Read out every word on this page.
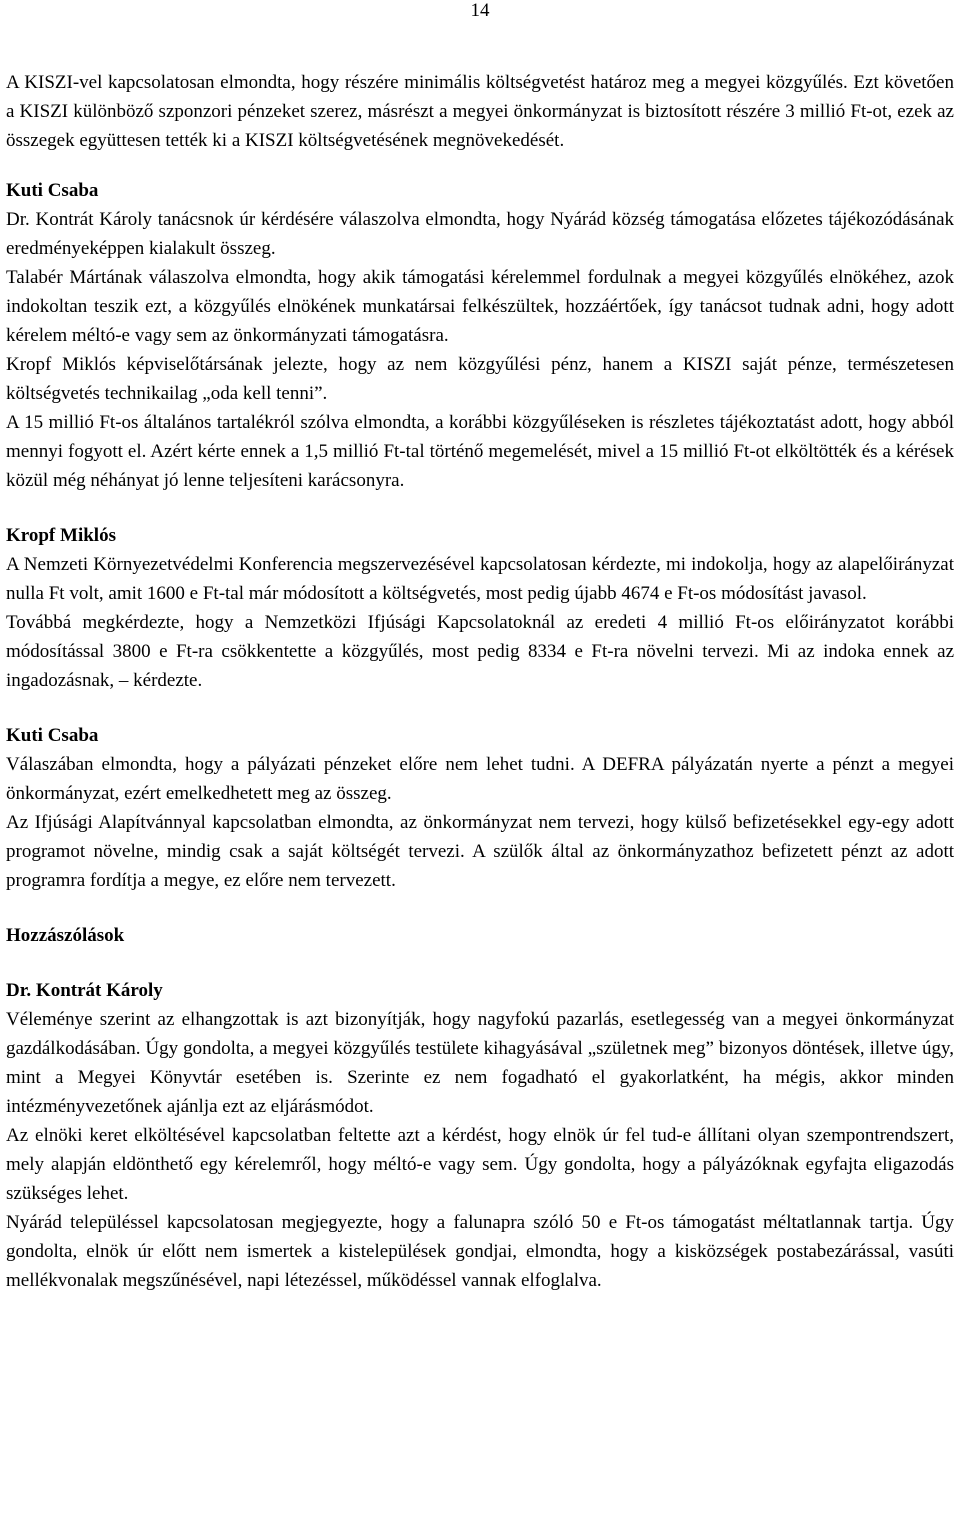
14

A KISZI-vel kapcsolatosan elmondta, hogy részére minimális költségvetést határoz meg a megyei közgyűlés. Ezt követően a KISZI különböző szponzori pénzeket szerez, másrészt a megyei önkormányzat is biztosított részére 3 millió Ft-ot, ezek az összegek együttesen tették ki a KISZI költségvetésének megnövekedését.

Kuti Csaba

Dr. Kontrát Károly tanácsnok úr kérdésére válaszolva elmondta, hogy Nyárád község támogatása előzetes tájékozódásának eredményeképpen kialakult összeg.

Talabér Mártának válaszolva elmondta, hogy akik támogatási kérelemmel fordulnak a megyei közgyűlés elnökéhez, azok indokoltan teszik ezt, a közgyűlés elnökének munkatársai felkészültek, hozzáértőek, így tanácsot tudnak adni, hogy adott kérelem méltó-e vagy sem az önkormányzati támogatásra.

Kropf Miklós képviselőtársának jelezte, hogy az nem közgyűlési pénz, hanem a KISZI saját pénze, természetesen költségvetés technikailag „oda kell tenni”.

A 15 millió Ft-os általános tartalékról szólva elmondta, a korábbi közgyűléseken is részletes tájékoztatást adott, hogy abból mennyi fogyott el. Azért kérte ennek a 1,5 millió Ft-tal történő megemelését, mivel a 15 millió Ft-ot elköltötték és a kérések közül még néhányat jó lenne teljesíteni karácsonyra.

Kropf Miklós

A Nemzeti Környezetvédelmi Konferencia megszervezésével kapcsolatosan kérdezte, mi indokolja, hogy az alapelőirányzat nulla Ft volt, amit 1600 e Ft-tal már módosított a költségvetés, most pedig újabb 4674 e Ft-os módosítást javasol.

Továbbá megkérdezte, hogy a Nemzetközi Ifjúsági Kapcsolatoknál az eredeti 4 millió Ft-os előirányzatot korábbi módosítással 3800 e Ft-ra csökkentette a közgyűlés, most pedig 8334 e Ft-ra növelni tervezi. Mi az indoka ennek az ingadozásnak, – kérdezte.

Kuti Csaba

Válaszában elmondta, hogy a pályázati pénzeket előre nem lehet tudni. A DEFRA pályázatán nyerte a pénzt a megyei önkormányzat, ezért emelkedhetett meg az összeg.

Az Ifjúsági Alapítvánnyal kapcsolatban elmondta, az önkormányzat nem tervezi, hogy külső befizetésekkel egy-egy adott programot növelne, mindig csak a saját költségét tervezi. A szülők által az önkormányzathoz befizetett pénzt az adott programra fordítja a megye, ez előre nem tervezett.

Hozzászólások

Dr. Kontrát Károly

Véleménye szerint az elhangzottak is azt bizonyítják, hogy nagyfokú pazarlás, esetlegesség van a megyei önkormányzat gazdálkodásában. Úgy gondolta, a megyei közgyűlés testülete kihagyásával „születnek meg” bizonyos döntések, illetve úgy, mint a Megyei Könyvtár esetében is. Szerinte ez nem fogadható el gyakorlatként, ha mégis, akkor minden intézményvezetőnek ajánlja ezt az eljárásmódot.

Az elnöki keret elköltésével kapcsolatban feltette azt a kérdést, hogy elnök úr fel tud-e állítani olyan szempontrendszert, mely alapján eldönthető egy kérelemről, hogy méltó-e vagy sem. Úgy gondolta, hogy a pályázóknak egyfajta eligazodás szükséges lehet.

Nyárád településsel kapcsolatosan megjegyezte, hogy a falunapra szóló 50 e Ft-os támogatást méltatlannak tartja. Úgy gondolta, elnök úr előtt nem ismertek a kistelepülések gondjai, elmondta, hogy a kisközségek postabezárással, vasúti mellékvonalak megszűnésével, napi létezéssel, működéssel vannak elfoglalva.
